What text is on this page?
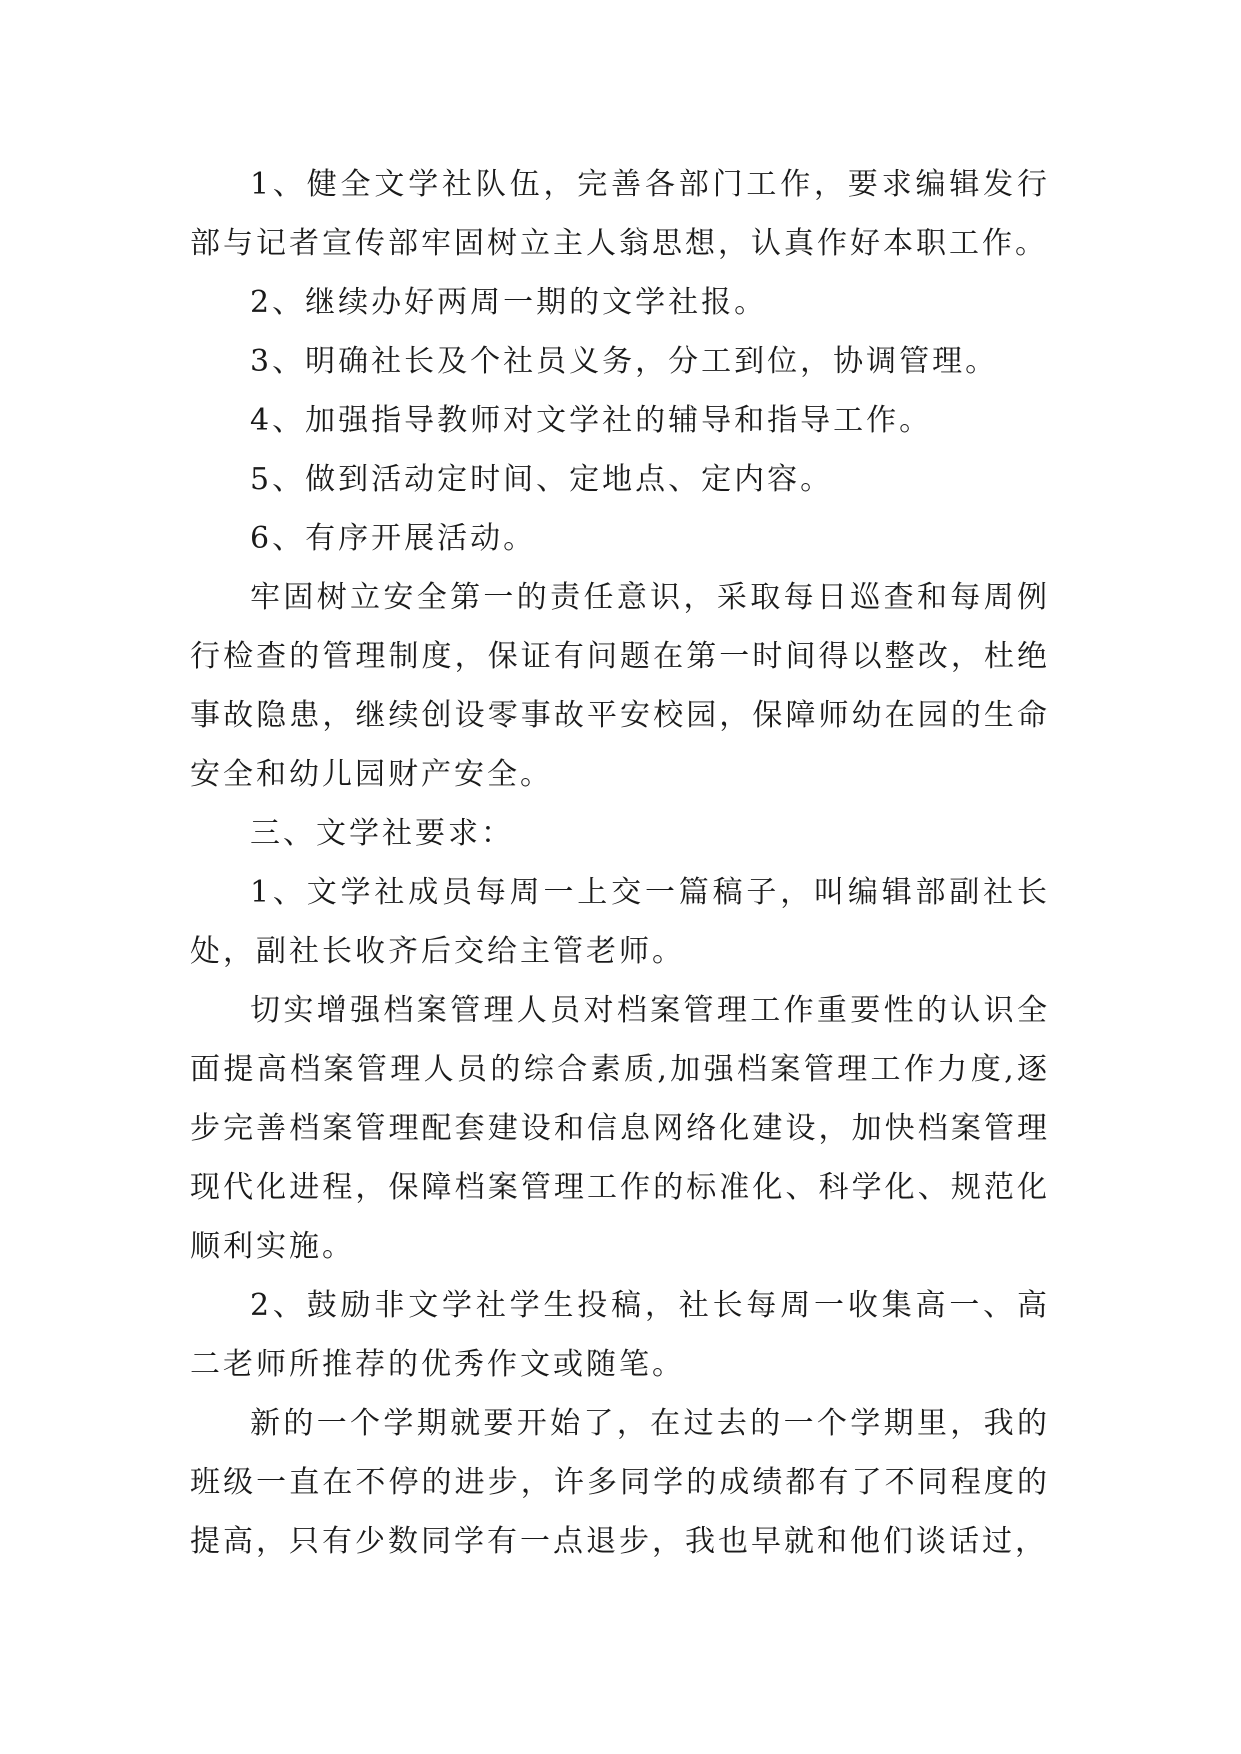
1、健全文学社队伍，完善各部门工作，要求编辑发行部与记者宣传部牢固树立主人翁思想，认真作好本职工作。

2、继续办好两周一期的文学社报。

3、明确社长及个社员义务，分工到位，协调管理。

4、加强指导教师对文学社的辅导和指导工作。

5、做到活动定时间、定地点、定内容。

6、有序开展活动。

牢固树立安全第一的责任意识，采取每日巡查和每周例行检查的管理制度，保证有问题在第一时间得以整改，杜绝事故隐患，继续创设零事故平安校园，保障师幼在园的生命安全和幼儿园财产安全。

三、文学社要求：

1、文学社成员每周一上交一篇稿子，叫编辑部副社长处，副社长收齐后交给主管老师。

切实增强档案管理人员对档案管理工作重要性的认识全面提高档案管理人员的综合素质,加强档案管理工作力度,逐步完善档案管理配套建设和信息网络化建设，加快档案管理现代化进程，保障档案管理工作的标准化、科学化、规范化顺利实施。

2、鼓励非文学社学生投稿，社长每周一收集高一、高二老师所推荐的优秀作文或随笔。

新的一个学期就要开始了，在过去的一个学期里，我的班级一直在不停的进步，许多同学的成绩都有了不同程度的提高，只有少数同学有一点退步，我也早就和他们谈话过，
